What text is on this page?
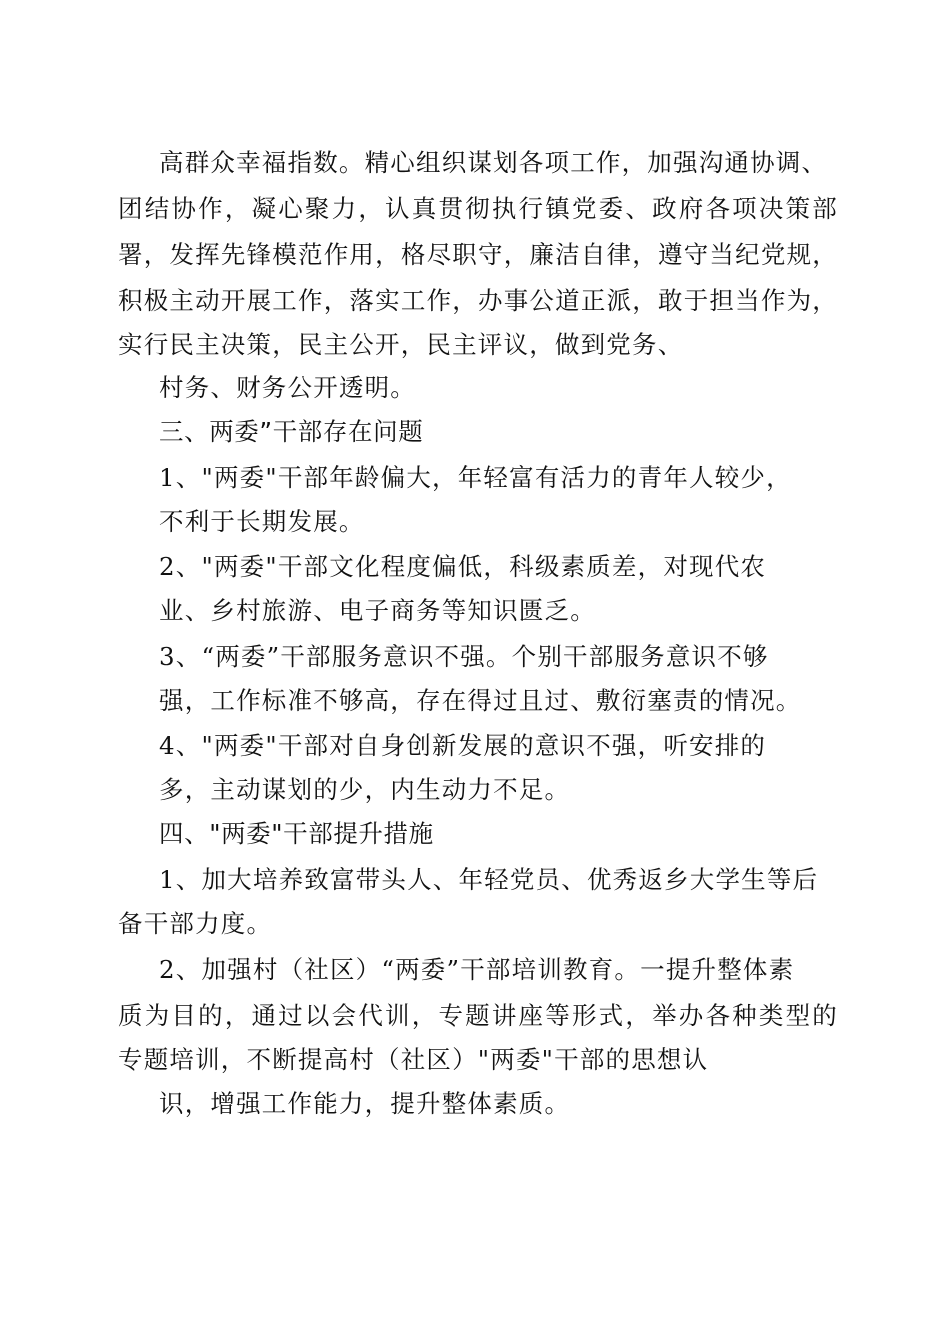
高群众幸福指数。精心组织谋划各项工作，加强沟通协调、
团结协作，凝心聚力，认真贯彻执行镇党委、政府各项决策部
署，发挥先锋模范作用，格尽职守，廉洁自律，遵守当纪党规，
积极主动开展工作，落实工作，办事公道正派，敢于担当作为，
实行民主决策，民主公开，民主评议，做到党务、
村务、财务公开透明。
三、两委”干部存在问题
1、"两委"干部年龄偏大，年轻富有活力的青年人较少，
不利于长期发展。
2、"两委"干部文化程度偏低，科级素质差，对现代农
业、乡村旅游、电子商务等知识匮乏。
3、“两委”干部服务意识不强。个别干部服务意识不够
强，工作标准不够高，存在得过且过、敷衍塞责的情况。
4、"两委"干部对自身创新发展的意识不强，听安排的
多，主动谋划的少，内生动力不足。
四、"两委"干部提升措施
1、加大培养致富带头人、年轻党员、优秀返乡大学生等后
备干部力度。
2、加强村（社区）“两委”干部培训教育。一提升整体素
质为目的，通过以会代训，专题讲座等形式，举办各种类型的
专题培训，不断提高村（社区）"两委"干部的思想认
识，增强工作能力，提升整体素质。
